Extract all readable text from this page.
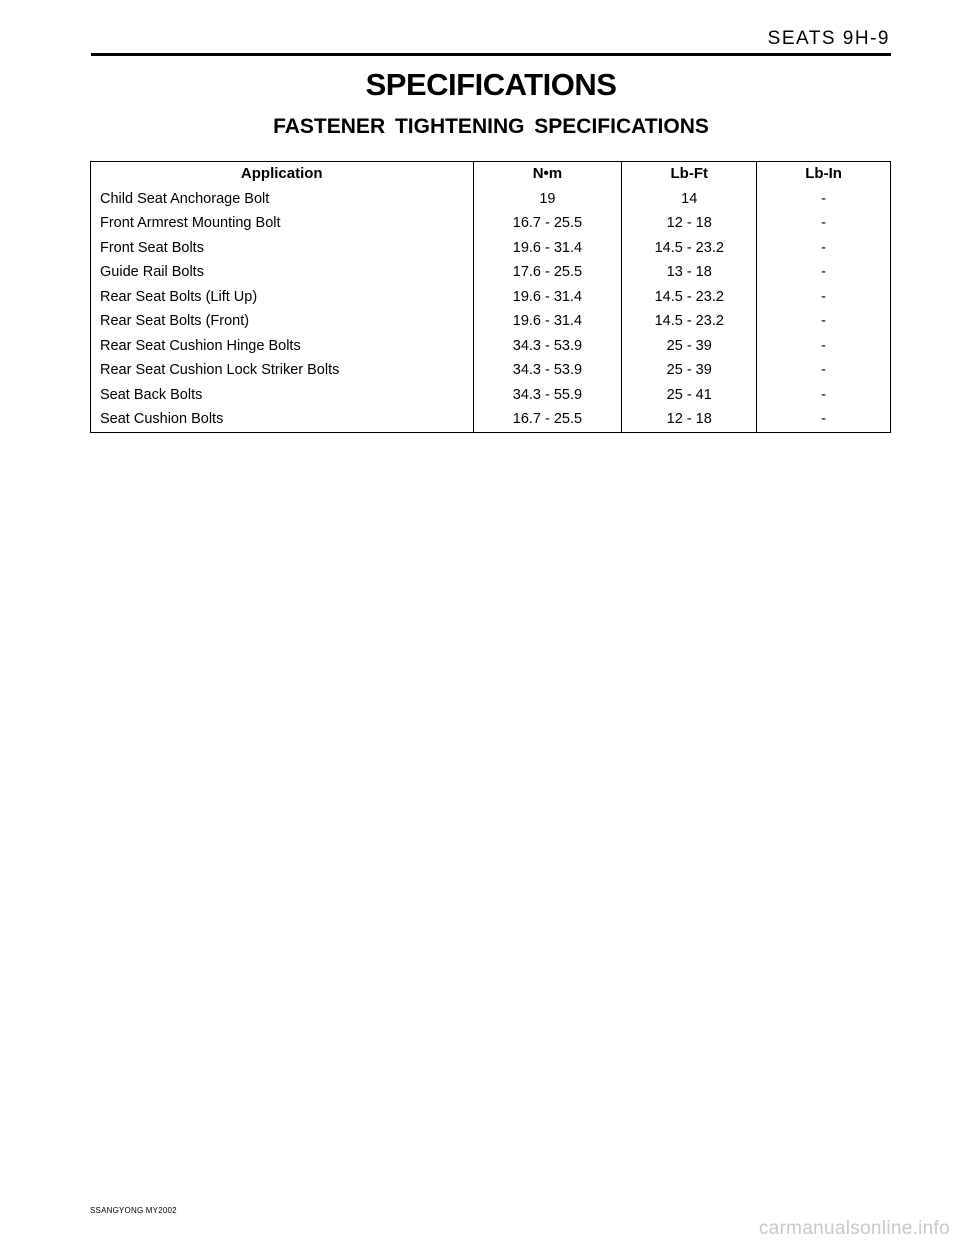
SEATS 9H-9
SPECIFICATIONS
FASTENER TIGHTENING SPECIFICATIONS
Application	N•m	Lb-Ft	Lb-In
Child Seat Anchorage Bolt	19	14	-
Front Armrest Mounting Bolt	16.7 - 25.5	12 - 18	-
Front Seat Bolts	19.6 - 31.4	14.5 - 23.2	-
Guide Rail Bolts	17.6 - 25.5	13 - 18	-
Rear Seat Bolts (Lift Up)	19.6 - 31.4	14.5 - 23.2	-
Rear Seat Bolts (Front)	19.6 - 31.4	14.5 - 23.2	-
Rear Seat Cushion Hinge Bolts	34.3 - 53.9	25 - 39	-
Rear Seat Cushion Lock Striker Bolts	34.3 - 53.9	25 - 39	-
Seat Back Bolts	34.3 - 55.9	25 - 41	-
Seat Cushion Bolts	16.7 - 25.5	12 - 18	-
SSANGYONG MY2002
carmanualsonline.info
